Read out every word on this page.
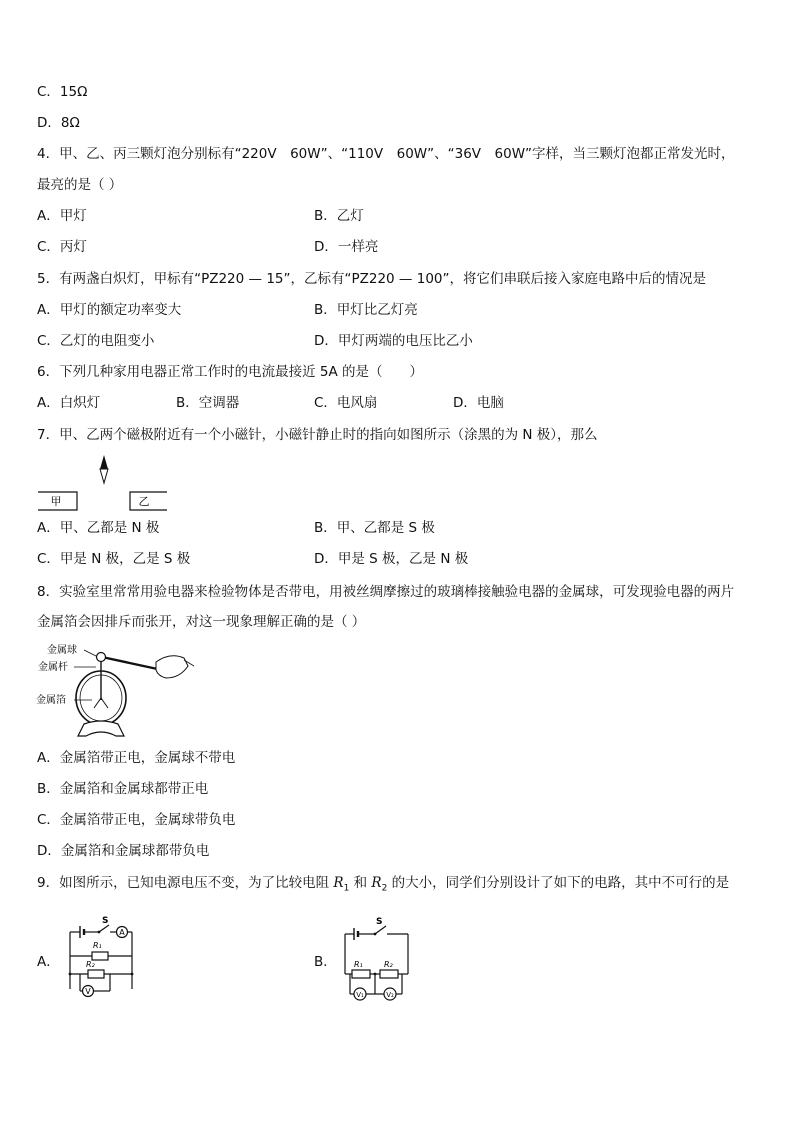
C．15Ω
D．8Ω
4．甲、乙、丙三颗灯泡分别标有“220V　60W”、“110V　60W”、“36V　60W”字样，当三颗灯泡都正常发光时，
最亮的是（ ）
A．甲灯	B．乙灯
C．丙灯	D．一样亮
5．有两盏白炽灯，甲标有“PZ220 — 15”，乙标有“PZ220 — 100”，将它们串联后接入家庭电路中后的情况是
A．甲灯的额定功率变大	B．甲灯比乙灯亮
C．乙灯的电阻变小	D．甲灯两端的电压比乙小
6．下列几种家用电器正常工作时的电流最接近 5A 的是（　　）
A．白炽灯	B．空调器	C．电风扇	D．电脑
7．甲、乙两个磁极附近有一个小磁针，小磁针静止时的指向如图所示（涂黑的为 N 极），那么
甲	乙
A．甲、乙都是 N 极	B．甲、乙都是 S 极
C．甲是 N 极，乙是 S 极	D．甲是 S 极，乙是 N 极
8．实验室里常常用验电器来检验物体是否带电，用被丝绸摩擦过的玻璃棒接触验电器的金属球，可发现验电器的两片
金属箔会因排斥而张开，对这一现象理解正确的是（ ）
金属球
金属杆
金属箔
A．金属箔带正电，金属球不带电
B．金属箔和金属球都带正电
C．金属箔带正电，金属球带负电
D．金属箔和金属球都带负电
9．如图所示，已知电源电压不变，为了比较电阻 $R_1$ 和 $R_2$ 的大小，同学们分别设计了如下的电路，其中不可行的是
A．
S
A
R₁
R₂
V
B．
S
R₁	R₂
V₁	V₂
